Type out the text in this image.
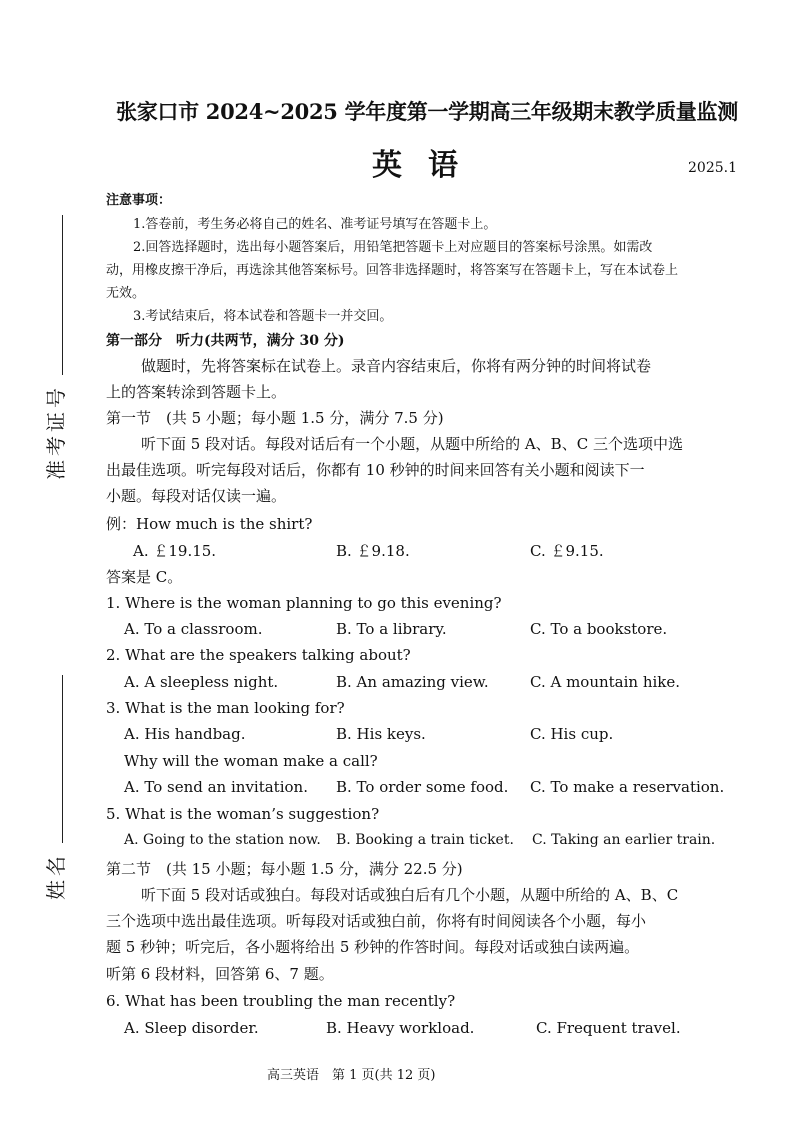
准考证号
姓名
张家口市 2024~2025 学年度第一学期高三年级期末教学质量监测
英语	2025.1
注意事项：
1.答卷前，考生务必将自己的姓名、准考证号填写在答题卡上。
2.回答选择题时，选出每小题答案后，用铅笔把答题卡上对应题目的答案标号涂黑。如需改
动，用橡皮擦干净后，再选涂其他答案标号。回答非选择题时，将答案写在答题卡上，写在本试卷上
无效。
3.考试结束后，将本试卷和答题卡一并交回。
第一部分　听力(共两节，满分 30 分)
做题时，先将答案标在试卷上。录音内容结束后，你将有两分钟的时间将试卷
上的答案转涂到答题卡上。
第一节　(共 5 小题；每小题 1.5 分，满分 7.5 分)
听下面 5 段对话。每段对话后有一个小题，从题中所给的 A、B、C 三个选项中选
出最佳选项。听完每段对话后，你都有 10 秒钟的时间来回答有关小题和阅读下一
小题。每段对话仅读一遍。
例：How much is the shirt?
A. ￡19.15.	B. ￡9.18.	C. ￡9.15.
答案是 C。
1. Where is the woman planning to go this evening?
A. To a classroom.	B. To a library.	C. To a bookstore.
2. What are the speakers talking about?
A. A sleepless night.	B. An amazing view.	C. A mountain hike.
3. What is the man looking for?
A. His handbag.	B. His keys.	C. His cup.
Why will the woman make a call?
A. To send an invitation. B. To order some food. C. To make a reservation.
5. What is the woman’s suggestion?
A. Going to the station now. B. Booking a train ticket. C. Taking an earlier train.
第二节　(共 15 小题；每小题 1.5 分，满分 22.5 分)
听下面 5 段对话或独白。每段对话或独白后有几个小题，从题中所给的 A、B、C
三个选项中选出最佳选项。听每段对话或独白前，你将有时间阅读各个小题，每小
题 5 秒钟；听完后，各小题将给出 5 秒钟的作答时间。每段对话或独白读两遍。
听第 6 段材料，回答第 6、7 题。
6. What has been troubling the man recently?
A. Sleep disorder.	B. Heavy workload.	C. Frequent travel.
高三英语　第 1 页(共 12 页)
